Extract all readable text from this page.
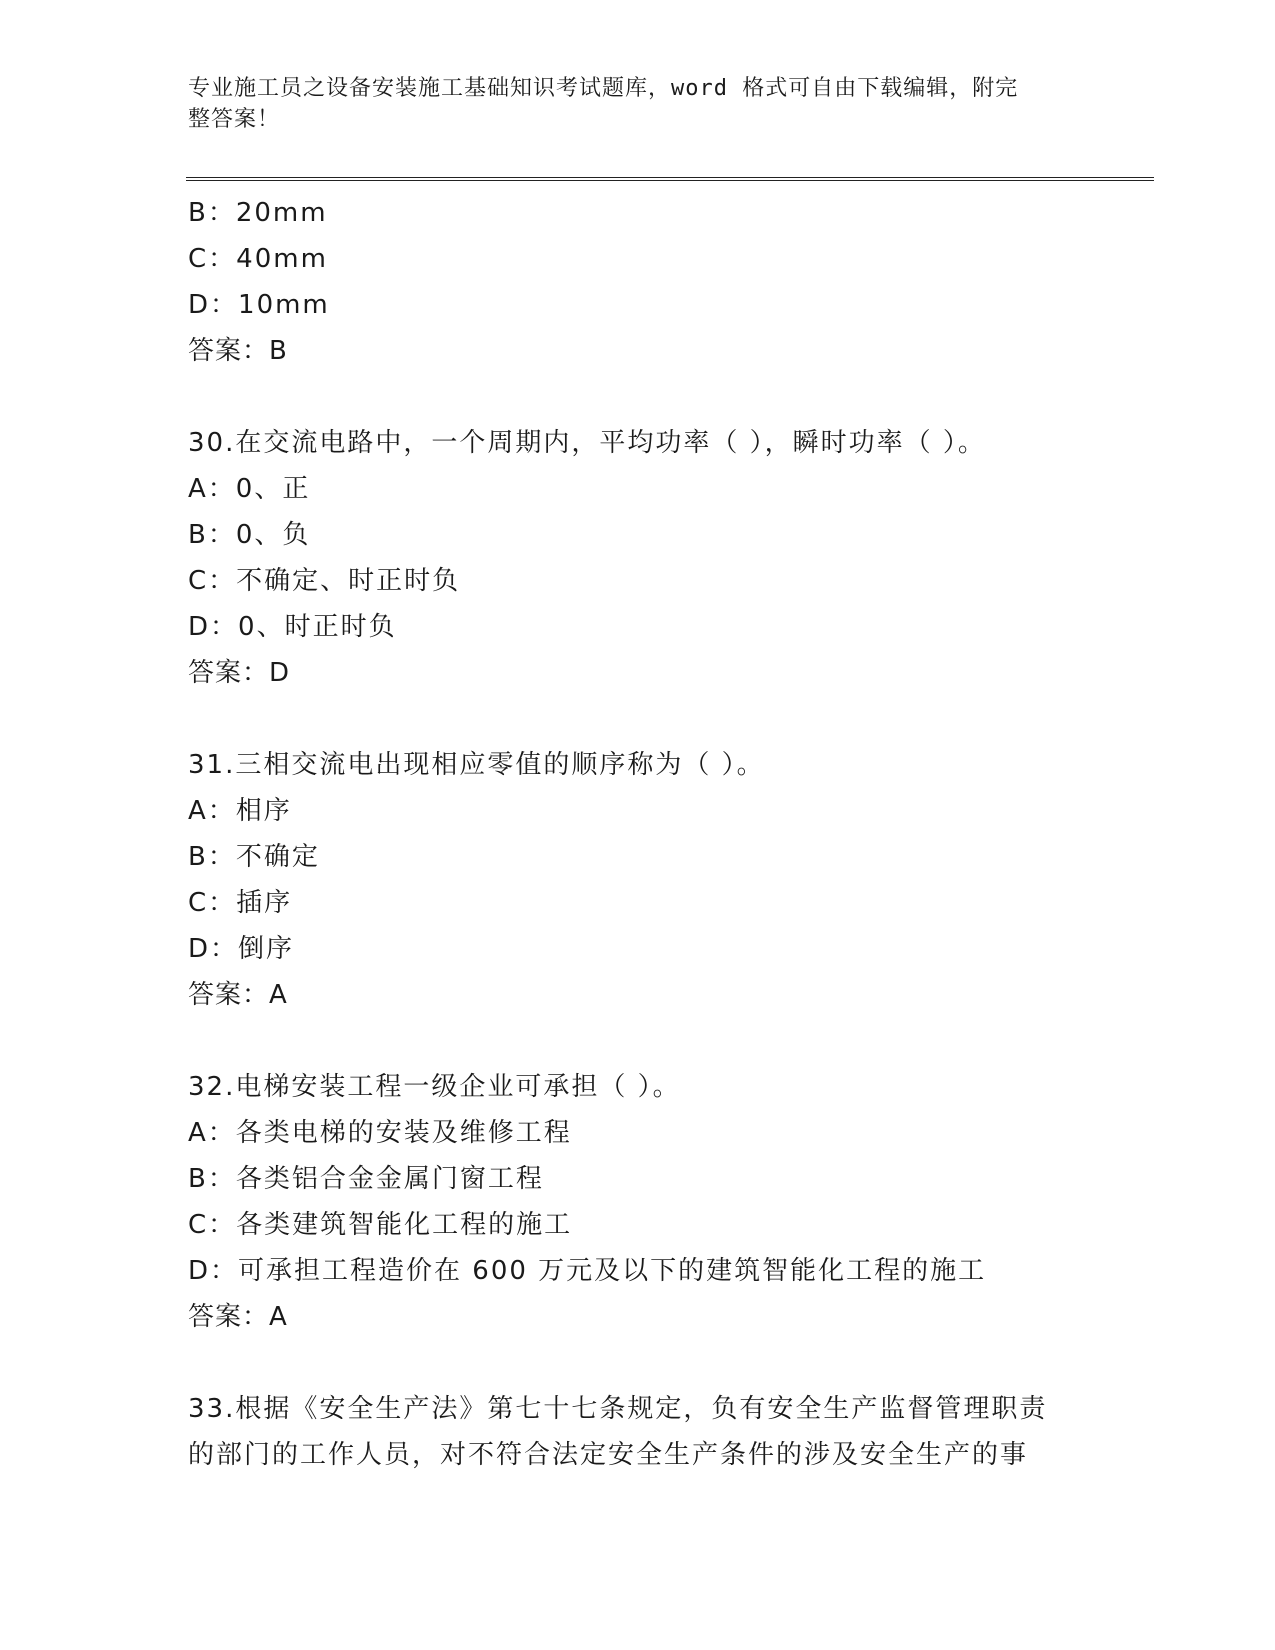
专业施工员之设备安装施工基础知识考试题库，word 格式可自由下载编辑，附完
整答案！
B：20mm
C：40mm
D：10mm
答案：B
30.在交流电路中，一个周期内，平均功率（ ），瞬时功率（ ）。
A：0、正
B：0、负
C：不确定、时正时负
D：0、时正时负
答案：D
31.三相交流电出现相应零值的顺序称为（ ）。
A：相序
B：不确定
C：插序
D：倒序
答案：A
32.电梯安装工程一级企业可承担（ ）。
A：各类电梯的安装及维修工程
B：各类铝合金金属门窗工程
C：各类建筑智能化工程的施工
D：可承担工程造价在 600 万元及以下的建筑智能化工程的施工
答案：A
33.根据《安全生产法》第七十七条规定，负有安全生产监督管理职责
的部门的工作人员，对不符合法定安全生产条件的涉及安全生产的事
